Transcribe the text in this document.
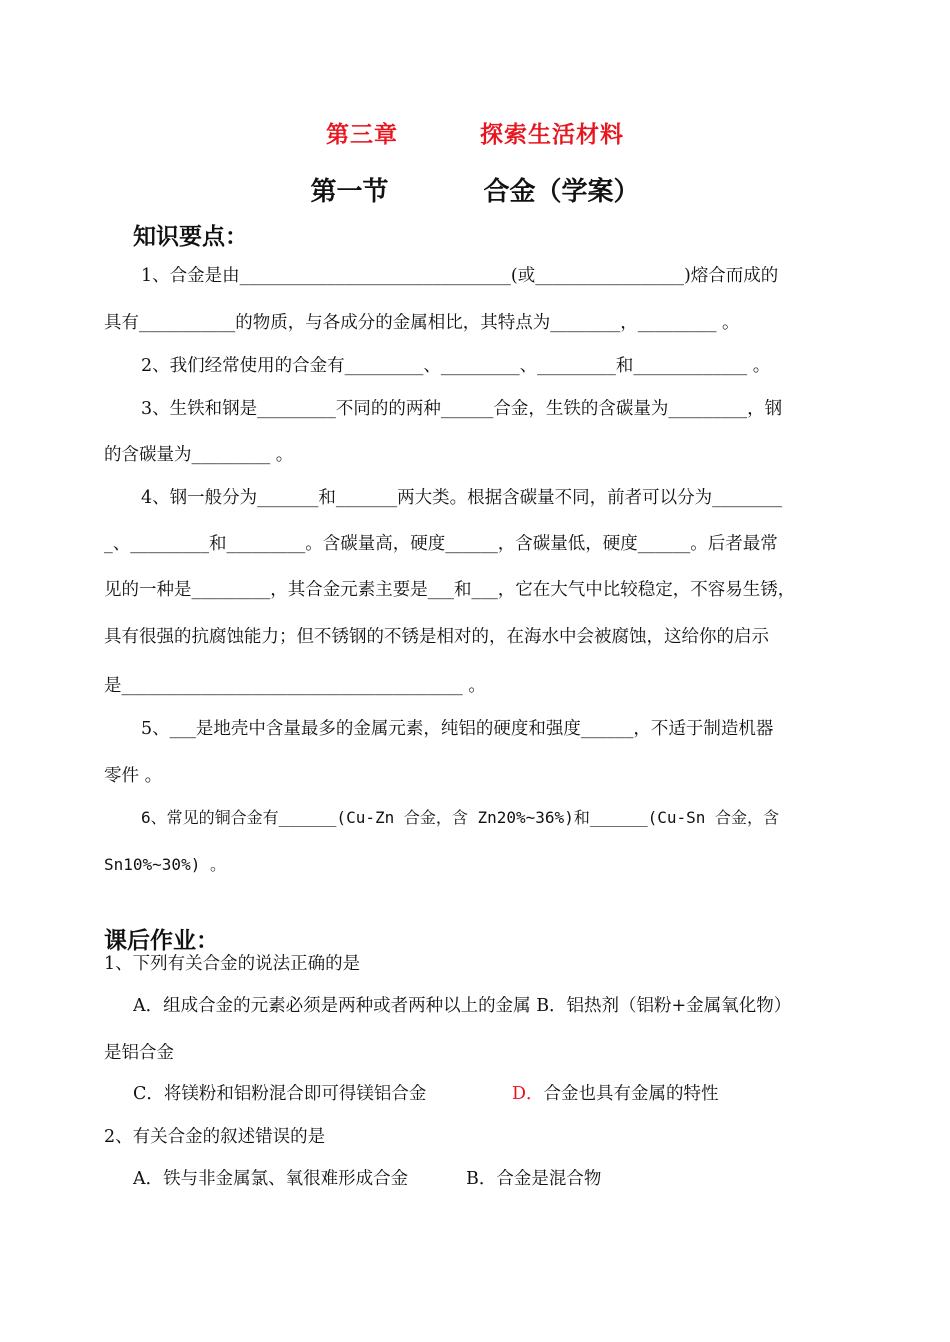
第三章	探索生活材料
第一节	合金（学案）
知识要点：
1、合金是由_______________________________(或_________________)熔合而成的
具有___________的物质，与各成分的金属相比，其特点为________，_________ 。
2、我们经常使用的合金有_________、_________、_________和_____________ 。
3、生铁和钢是_________不同的的两种______合金，生铁的含碳量为_________，钢
的含碳量为_________ 。
4、钢一般分为_______和_______两大类。根据含碳量不同，前者可以分为________
_、_________和_________。含碳量高，硬度______，含碳量低，硬度______。后者最常
见的一种是_________，其合金元素主要是___和___，它在大气中比较稳定，不容易生锈，
具有很强的抗腐蚀能力；但不锈钢的不锈是相对的，在海水中会被腐蚀，这给你的启示
是_______________________________________ 。
5、___是地壳中含量最多的金属元素，纯铝的硬度和强度______，不适于制造机器
零件 。
6、常见的铜合金有______(Cu-Zn 合金，含 Zn20%~36%)和______(Cu-Sn 合金，含
Sn10%~30%) 。
课后作业：
1、下列有关合金的说法正确的是
A．组成合金的元素必须是两种或者两种以上的金属 B．铝热剂（铝粉+金属氧化物）
是铝合金
C．将镁粉和铝粉混合即可得镁铝合金	D．合金也具有金属的特性
2、有关合金的叙述错误的是
A．铁与非金属氯、氧很难形成合金	B．合金是混合物
